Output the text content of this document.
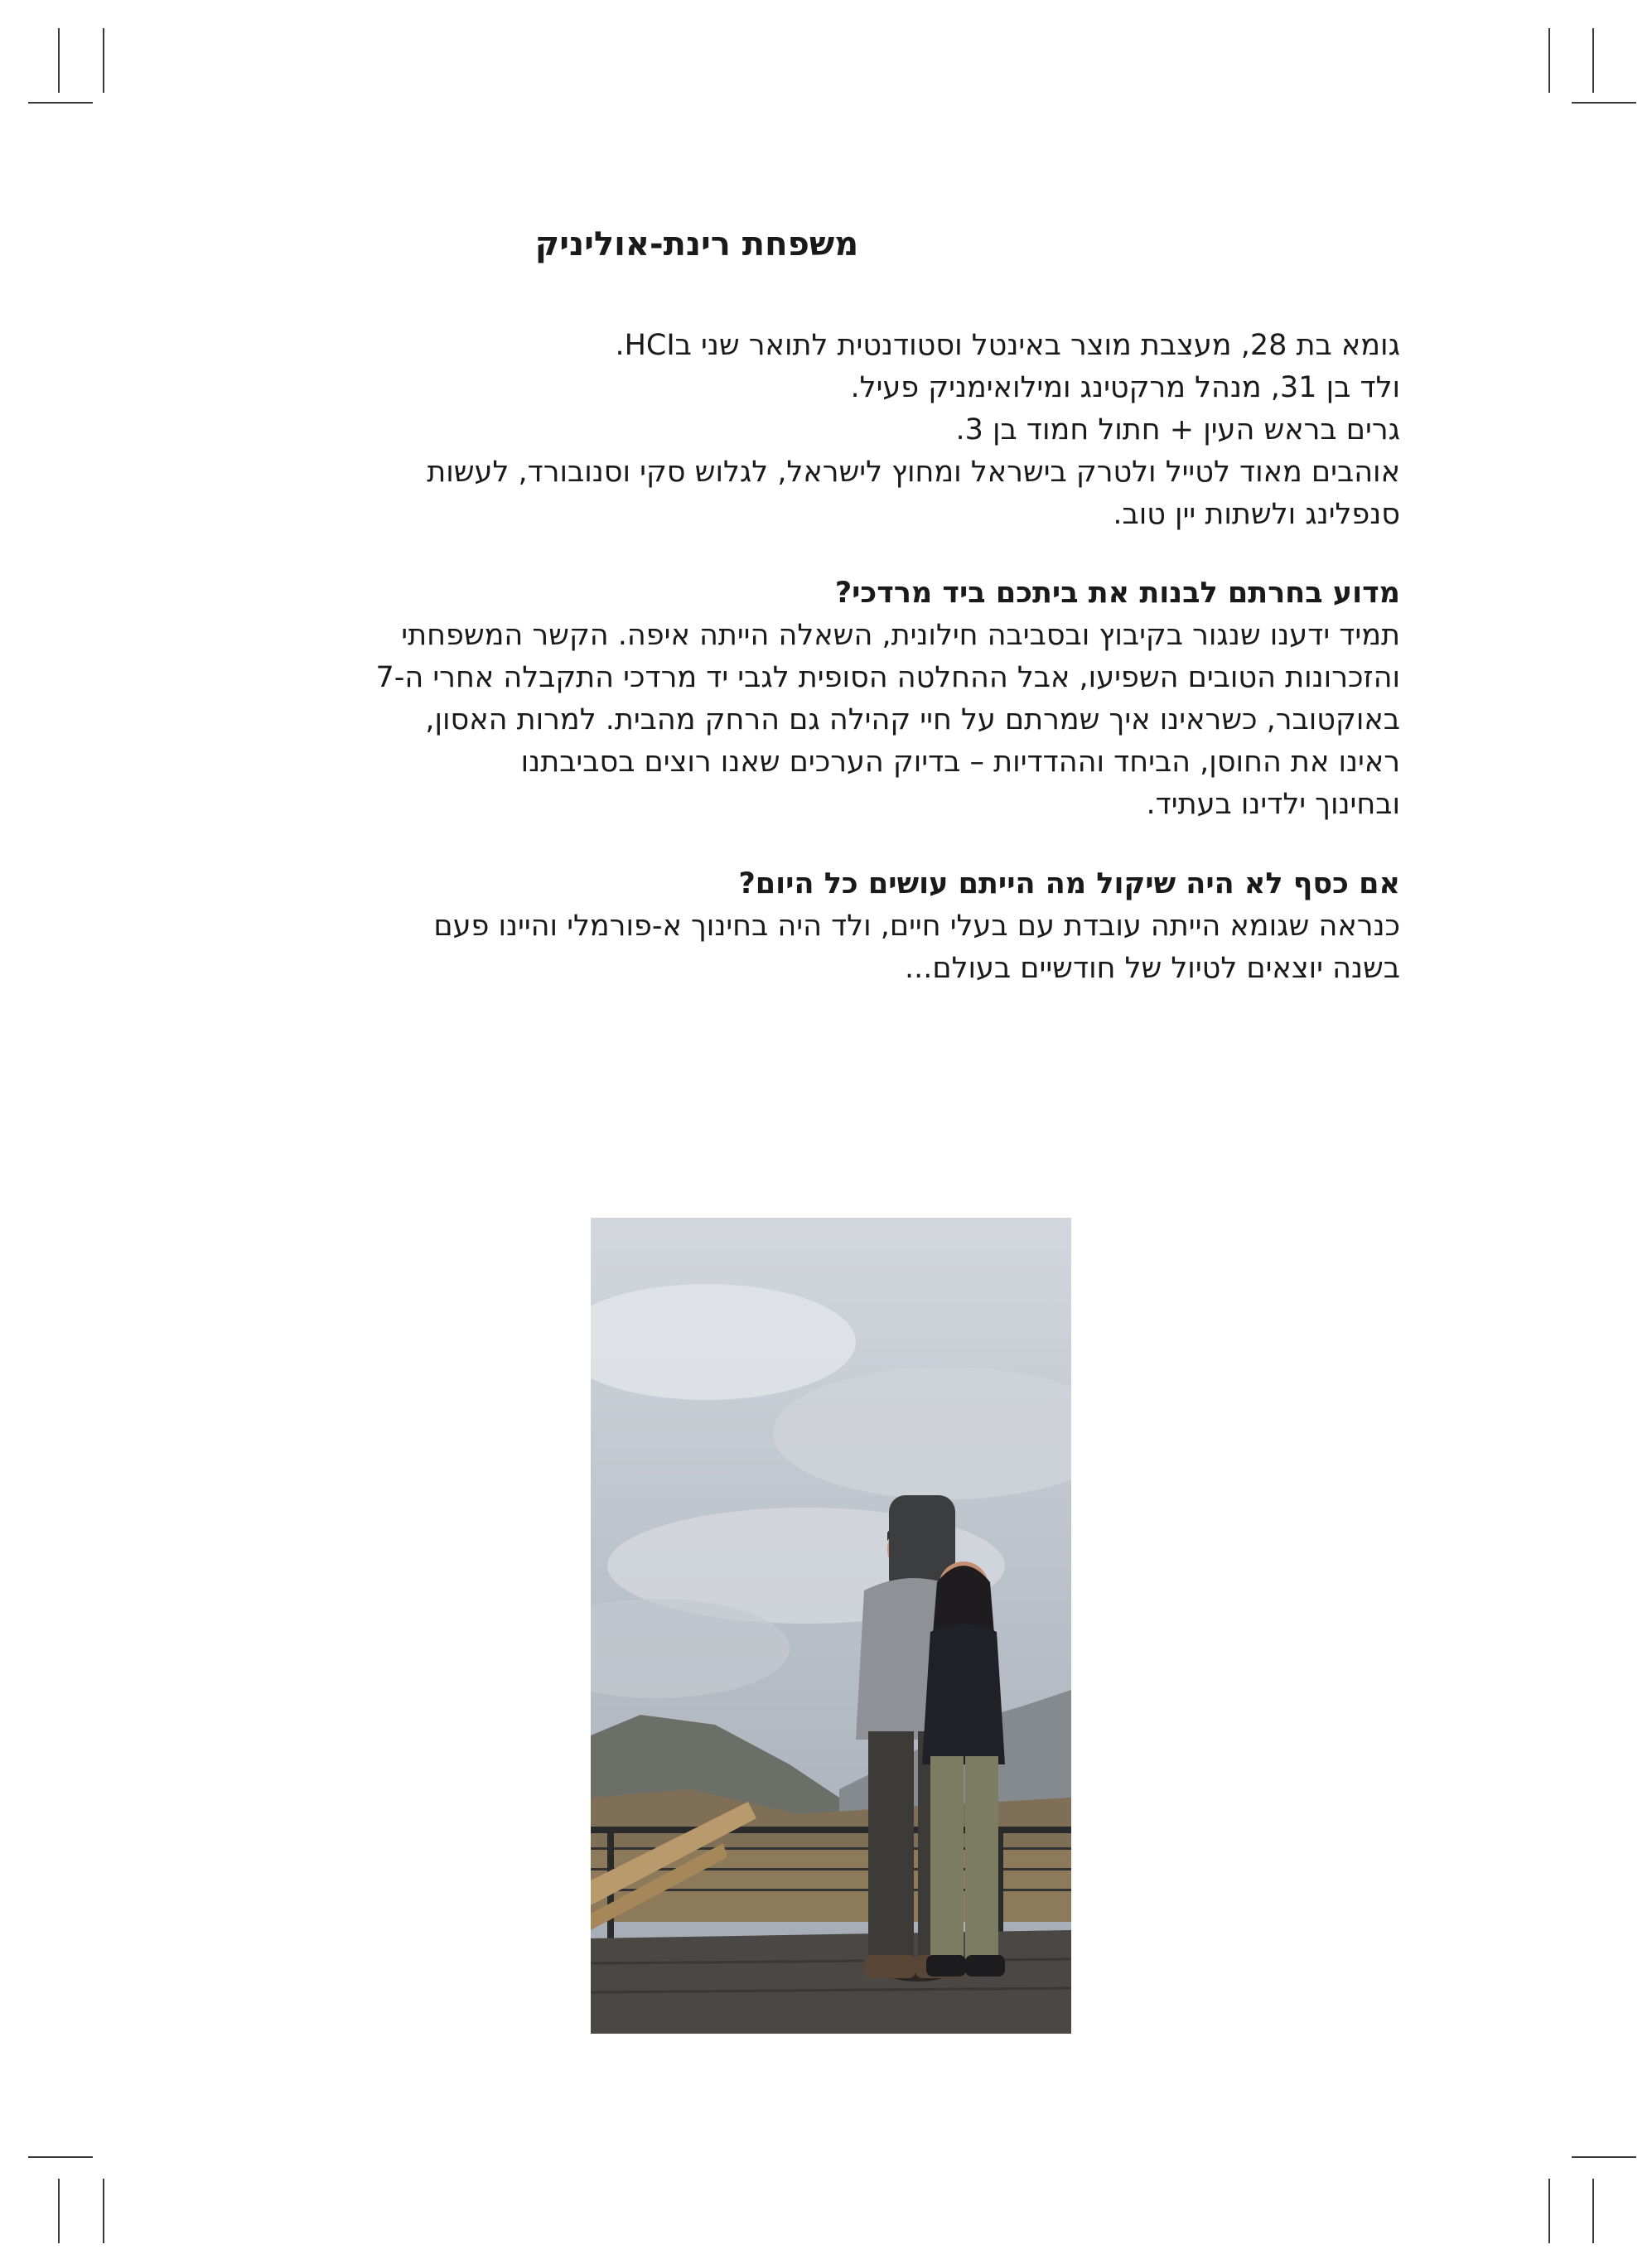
משפחת רינת-אוליניק
גומא בת 28, מעצבת מוצר באינטל וסטודנטית לתואר שני בHCI.
ולד בן 31, מנהל מרקטינג ומילואימניק פעיל.
גרים בראש העין + חתול חמוד בן 3.
אוהבים מאוד לטייל ולטרק בישראל ומחוץ לישראל, לגלוש סקי וסנובורד, לעשות
סנפלינג ולשתות יין טוב.
מדוע בחרתם לבנות את ביתכם ביד מרדכי?
תמיד ידענו שנגור בקיבוץ ובסביבה חילונית, השאלה הייתה איפה. הקשר המשפחתי
והזכרונות הטובים השפיעו, אבל ההחלטה הסופית לגבי יד מרדכי התקבלה אחרי ה-7
באוקטובר, כשראינו איך שמרתם על חיי קהילה גם הרחק מהבית. למרות האסון,
ראינו את החוסן, הביחד וההדדיות – בדיוק הערכים שאנו רוצים בסביבתנו
ובחינוך ילדינו בעתיד.
אם כסף לא היה שיקול מה הייתם עושים כל היום?
כנראה שגומא הייתה עובדת עם בעלי חיים, ולד היה בחינוך א-פורמלי והיינו פעם
בשנה יוצאים לטיול של חודשיים בעולם...
